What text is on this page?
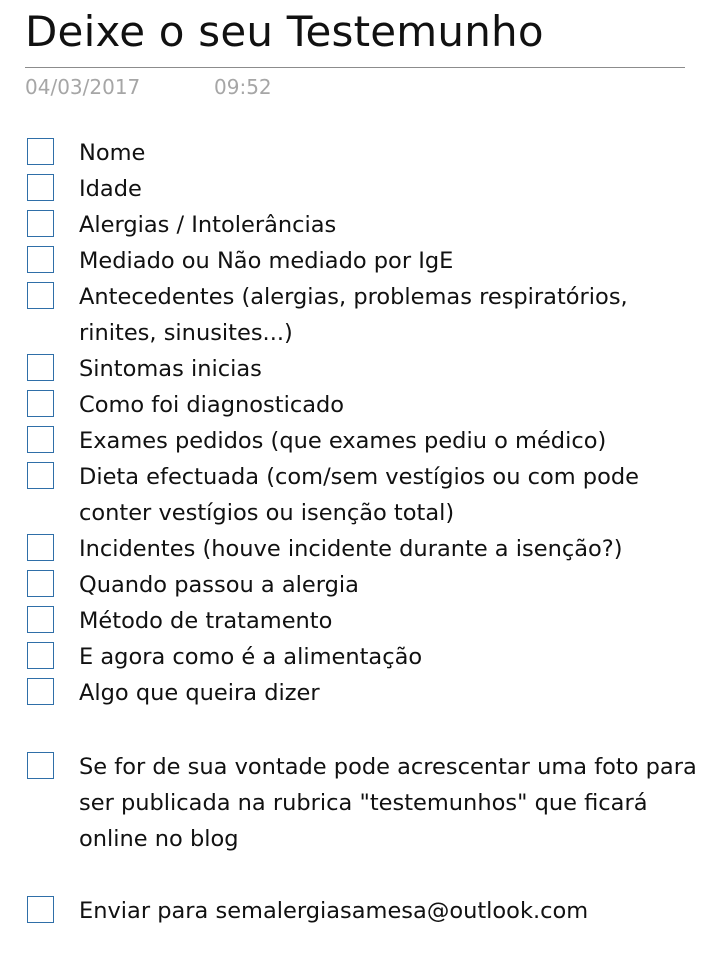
Deixe o seu Testemunho
04/03/2017	09:52
Nome
Idade
Alergias / Intolerâncias
Mediado ou Não mediado por IgE
Antecedentes (alergias, problemas respiratórios, rinites, sinusites...)
Sintomas inicias
Como foi diagnosticado
Exames pedidos (que exames pediu o médico)
Dieta efectuada (com/sem vestígios ou com pode conter vestígios ou isenção total)
Incidentes (houve incidente durante a isenção?)
Quando passou a alergia
Método de tratamento
E agora como é a alimentação
Algo que queira dizer
Se for de sua vontade pode acrescentar uma foto para ser publicada na rubrica "testemunhos" que ficará online no blog
Enviar para semalergiasamesa@outlook.com
